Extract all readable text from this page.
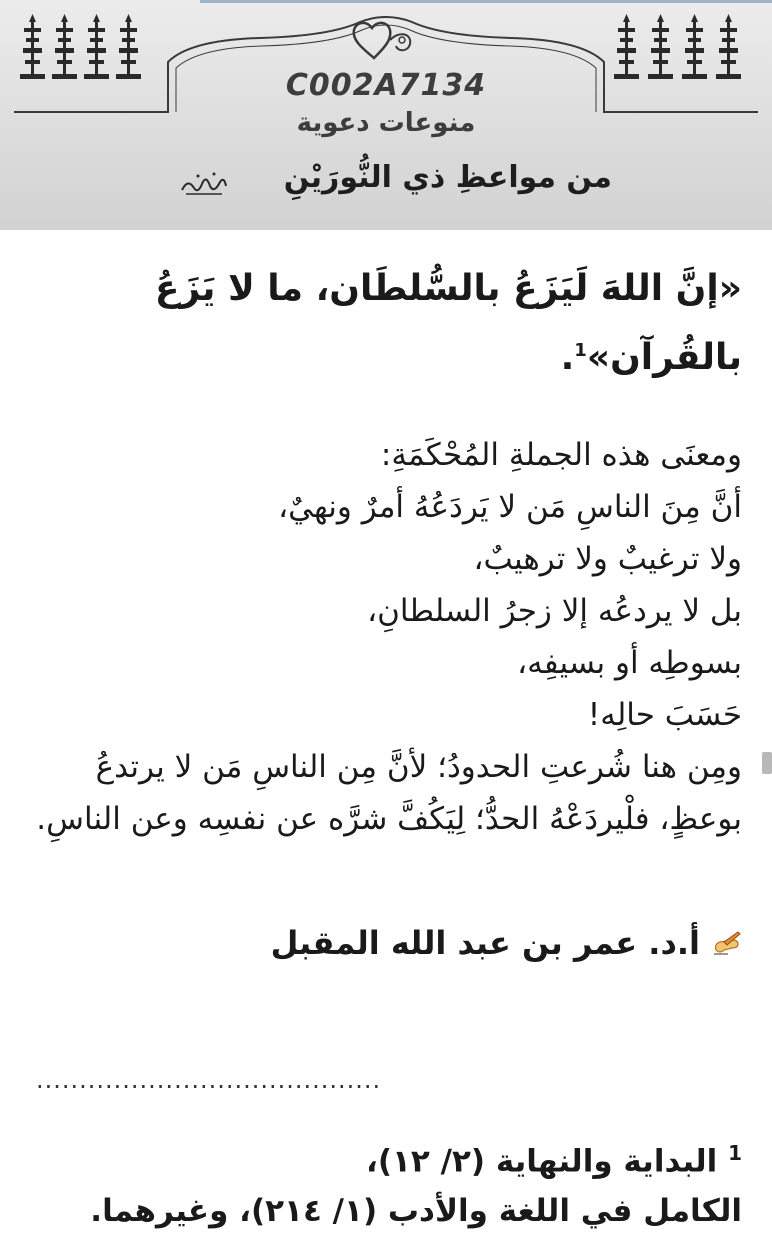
C002A7134
منوعات دعوية
من مواعظِ ذي النُّورَيْنِ

«إنَّ اللهَ لَيَزَعُ بالسُّلطَان، ما لا يَزَعُ بالقُرآن»$^1$.

ومعنَى هذه الجملةِ المُحْكَمَةِ:
أنَّ مِنَ الناسِ مَن لا يَردَعُهُ أمرٌ ونهيٌ،
ولا ترغيبٌ ولا ترهيبٌ،
بل لا يردعُه إلا زجرُ السلطانِ،
بسوطِه أو بسيفِه،
حَسَبَ حالِه!
ومِن هنا شُرعتِ الحدودُ؛ لأنَّ مِن الناسِ مَن لا يرتدعُ بوعظٍ، فلْيردَعْهُ الحدُّ؛ لِيَكُفَّ شرَّه عن نفسِه وعن الناسِ.
أ.د. عمر بن عبد الله المقبل
........................................
$^1$ البداية والنهاية (٢/ ١٢)،
الكامل في اللغة والأدب (١/ ٢١٤)، وغيرهما.
